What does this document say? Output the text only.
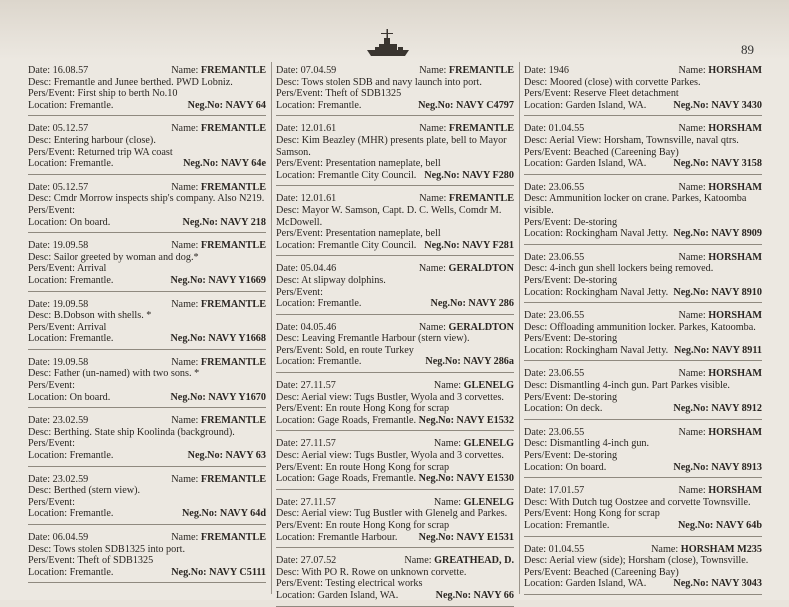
89
Date: 16.08.57	Name: FREMANTLE
Desc: Fremantle and Junee berthed. PWD Lobniz.
Pers/Event: First ship to berth No.10
Location: Fremantle.	Neg.No: NAVY 64
Date: 05.12.57	Name: FREMANTLE
Desc: Entering harbour (close).
Pers/Event: Returned trip WA coast
Location: Fremantle.	Neg.No: NAVY 64e
Date: 05.12.57	Name: FREMANTLE
Desc: Cmdr Morrow inspects ship's company. Also N219.
Pers/Event:
Location: On board.	Neg.No: NAVY 218
Date: 19.09.58	Name: FREMANTLE
Desc: Sailor greeted by woman and dog.*
Pers/Event: Arrival
Location: Fremantle.	Neg.No: NAVY Y1669
Date: 19.09.58	Name: FREMANTLE
Desc: B.Dobson with shells. *
Pers/Event: Arrival
Location: Fremantle.	Neg.No: NAVY Y1668
Date: 19.09.58	Name: FREMANTLE
Desc: Father (un-named) with two sons. *
Pers/Event:
Location: On board.	Neg.No: NAVY Y1670
Date: 23.02.59	Name: FREMANTLE
Desc: Berthing. State ship Koolinda (background).
Pers/Event:
Location: Fremantle.	Neg.No: NAVY 63
Date: 23.02.59	Name: FREMANTLE
Desc: Berthed (stern view).
Pers/Event:
Location: Fremantle.	Neg.No: NAVY 64d
Date: 06.04.59	Name: FREMANTLE
Desc: Tows stolen SDB1325 into port.
Pers/Event: Theft of SDB1325
Location: Fremantle.	Neg.No: NAVY C5111
Date: 07.04.59	Name: FREMANTLE
Desc: Tows stolen SDB and navy launch into port.
Pers/Event: Theft of SDB1325
Location: Fremantle.	Neg.No: NAVY C4797
Date: 12.01.61	Name: FREMANTLE
Desc: Kim Beazley (MHR) presents plate, bell to Mayor Samson.
Pers/Event: Presentation nameplate, bell
Location: Fremantle City Council. Neg.No: NAVY F280
Date: 12.01.61	Name: FREMANTLE
Desc: Mayor W. Samson, Capt. D. C. Wells, Comdr M. McDowell.
Pers/Event: Presentation nameplate, bell
Location: Fremantle City Council. Neg.No: NAVY F281
Date: 05.04.46	Name: GERALDTON
Desc: At slipway dolphins.
Pers/Event:
Location: Fremantle.	Neg.No: NAVY 286
Date: 04.05.46	Name: GERALDTON
Desc: Leaving Fremantle Harbour (stern view).
Pers/Event: Sold, en route Turkey
Location: Fremantle.	Neg.No: NAVY 286a
Date: 27.11.57	Name: GLENELG
Desc: Aerial view: Tugs Bustler, Wyola and 3 corvettes.
Pers/Event: En route Hong Kong for scrap
Location: Gage Roads, Fremantle. Neg.No: NAVY E1532
Date: 27.11.57	Name: GLENELG
Desc: Aerial view: Tugs Bustler, Wyola and 3 corvettes.
Pers/Event: En route Hong Kong for scrap
Location: Gage Roads, Fremantle. Neg.No: NAVY E1530
Date: 27.11.57	Name: GLENELG
Desc: Aerial view: Tug Bustler with Glenelg and Parkes.
Pers/Event: En route Hong Kong for scrap
Location: Fremantle Harbour. Neg.No: NAVY E1531
Date: 27.07.52	Name: GREATHEAD, D.
Desc: With PO R. Rowe on unknown corvette.
Pers/Event: Testing electrical works
Location: Garden Island, WA.	Neg.No: NAVY 66
Date: 1946	Name: HORSHAM
Desc: Moored (close) with corvette Parkes.
Pers/Event: Reserve Fleet detachment
Location: Garden Island, WA.	Neg.No: NAVY 3430
Date: 01.04.55	Name: HORSHAM
Desc: Aerial View: Horsham, Townsville, naval qtrs.
Pers/Event: Beached (Careening Bay)
Location: Garden Island, WA.	Neg.No: NAVY 3158
Date: 23.06.55	Name: HORSHAM
Desc: Ammunition locker on crane. Parkes, Katoomba visible.
Pers/Event: De-storing
Location: Rockingham Naval Jetty. Neg.No: NAVY 8909
Date: 23.06.55	Name: HORSHAM
Desc: 4-inch gun shell lockers being removed.
Pers/Event: De-storing
Location: Rockingham Naval Jetty. Neg.No: NAVY 8910
Date: 23.06.55	Name: HORSHAM
Desc: Offloading ammunition locker. Parkes, Katoomba.
Pers/Event: De-storing
Location: Rockingham Naval Jetty. Neg.No: NAVY 8911
Date: 23.06.55	Name: HORSHAM
Desc: Dismantling 4-inch gun. Part Parkes visible.
Pers/Event: De-storing
Location: On deck.	Neg.No: NAVY 8912
Date: 23.06.55	Name: HORSHAM
Desc: Dismantling 4-inch gun.
Pers/Event: De-storing
Location: On board.	Neg.No: NAVY 8913
Date: 17.01.57	Name: HORSHAM
Desc: With Dutch tug Oostzee and corvette Townsville.
Pers/Event: Hong Kong for scrap
Location: Fremantle.	Neg.No: NAVY 64b
Date: 01.04.55	Name: HORSHAM M235
Desc: Aerial view (side); Horsham (close), Townsville.
Pers/Event: Beached (Careening Bay)
Location: Garden Island, WA.	Neg.No: NAVY 3043
